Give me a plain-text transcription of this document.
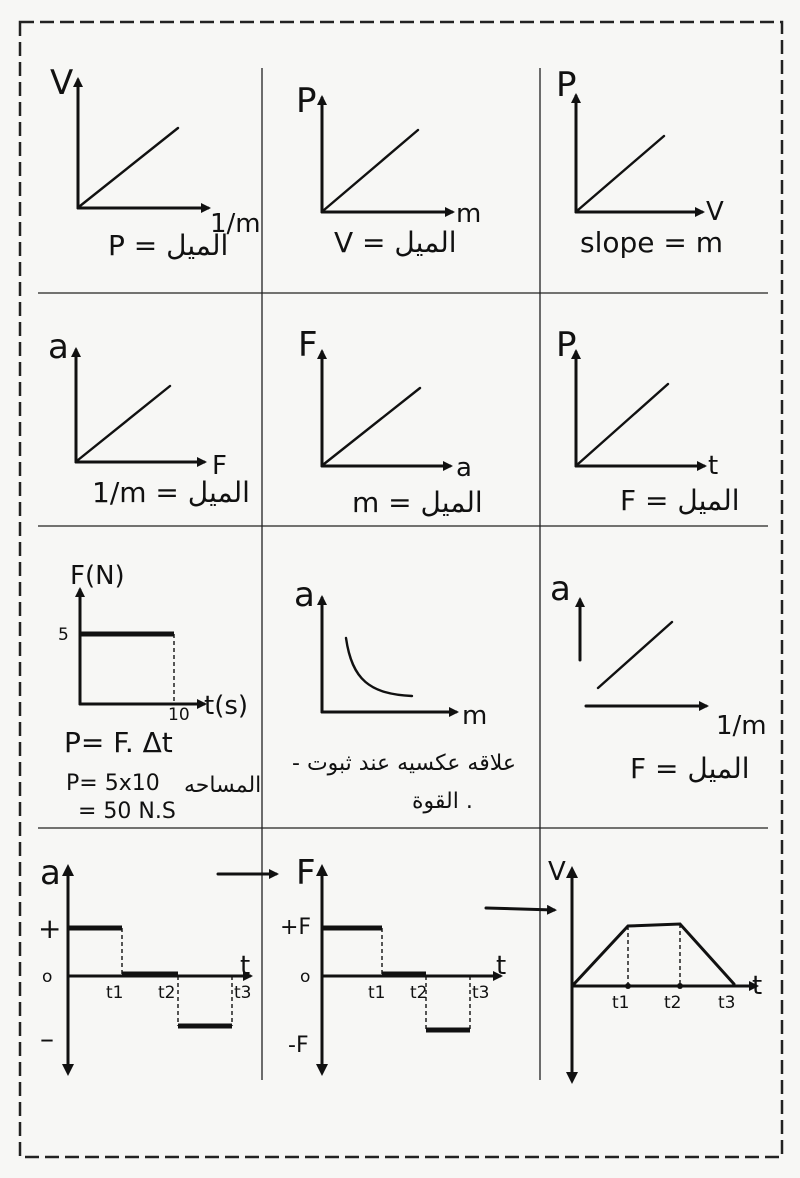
V
1/m
P = الميل
P
m
V = الميل
P
V
slope = m
a
F
1/m = الميل
F
a
m = الميل
P
t
F = الميل
F(N)
t(s)
5
10
P= F. Δt
P= 5x10
= 50 N.S
المساحه
a
m
- علاقه عكسيه عند ثبوت
القوة .
a
1/m
F = الميل
a
t
+
o
–
t1 t2	t3
F
t
+F
o
-F
t1 t2	t3
V
t
t1 t2 t3
